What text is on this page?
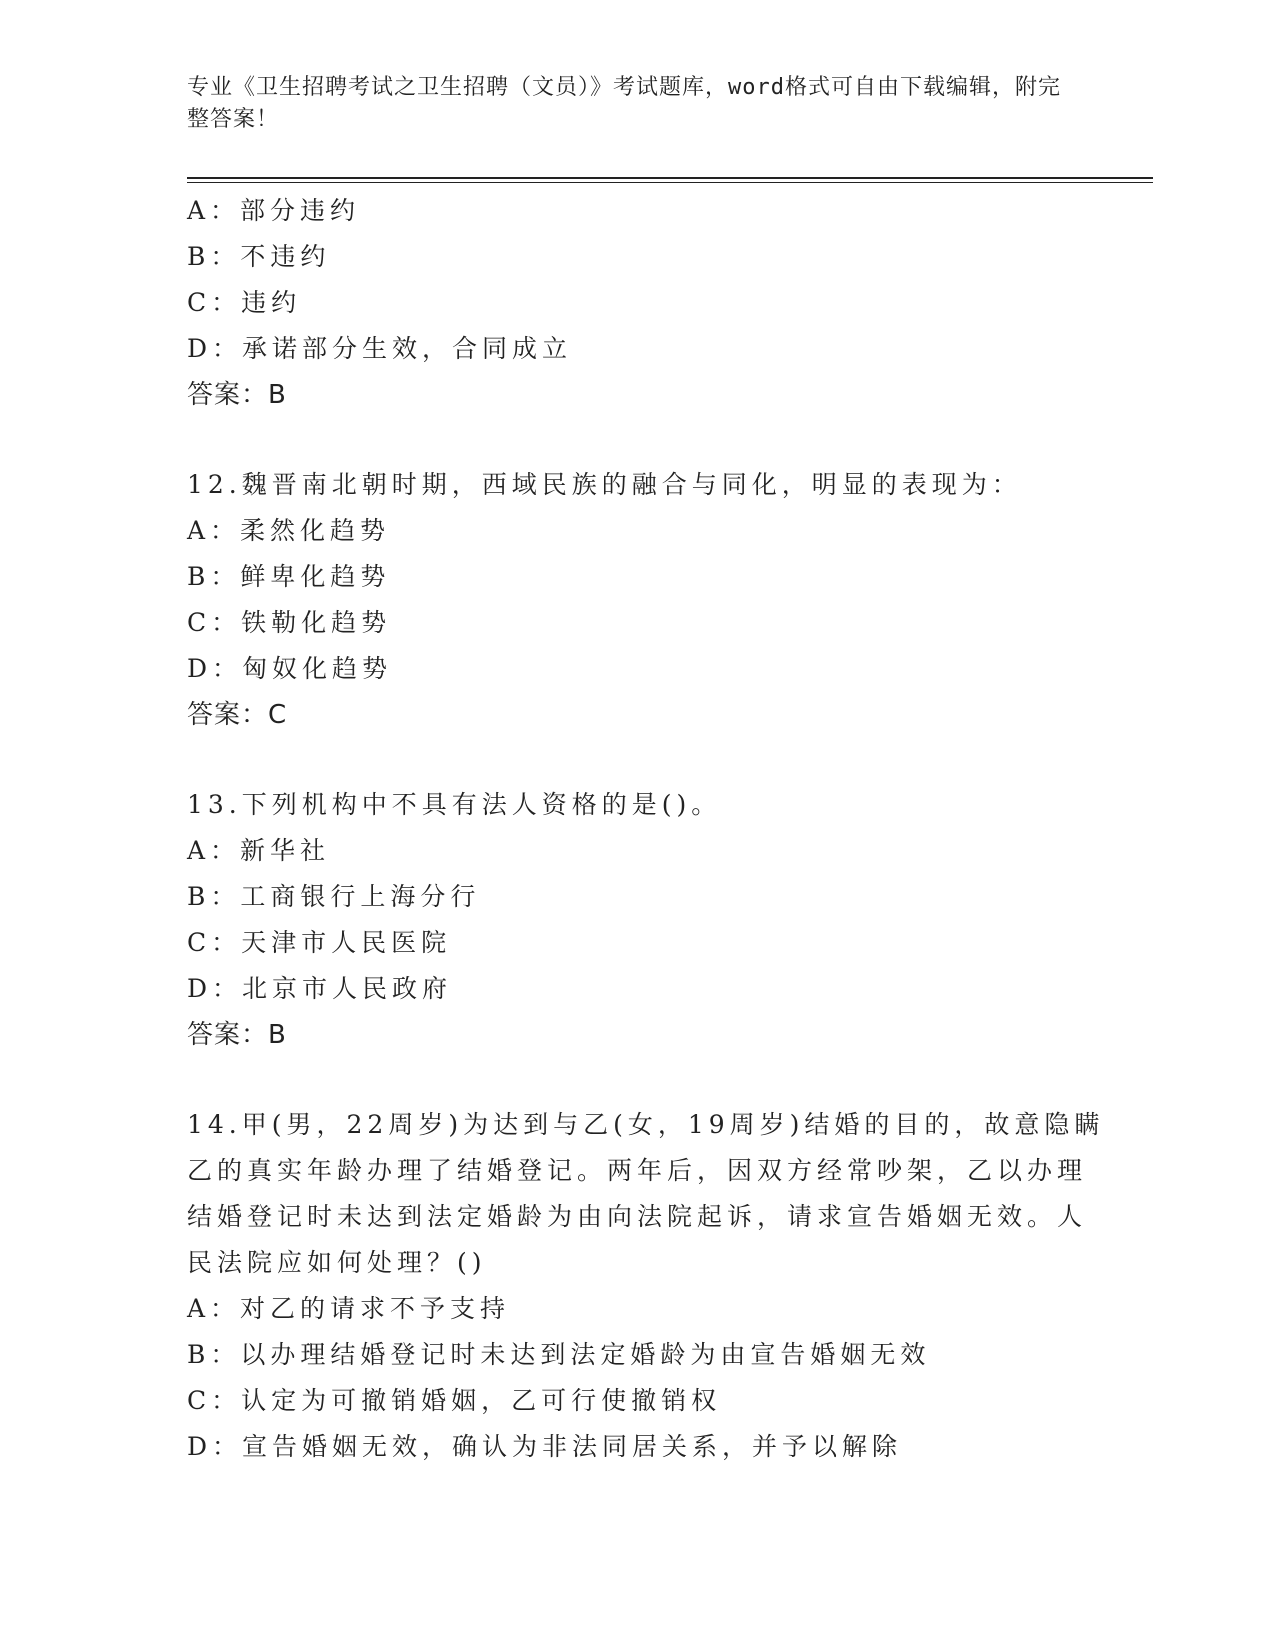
专业《卫生招聘考试之卫生招聘（文员）》考试题库，word格式可自由下载编辑，附完整答案！
A：部分违约
B：不违约
C：违约
D：承诺部分生效，合同成立
答案：B
12.魏晋南北朝时期，西域民族的融合与同化，明显的表现为：
A：柔然化趋势
B：鲜卑化趋势
C：铁勒化趋势
D：匈奴化趋势
答案：C
13.下列机构中不具有法人资格的是()。
A：新华社
B：工商银行上海分行
C：天津市人民医院
D：北京市人民政府
答案：B
14.甲(男，22周岁)为达到与乙(女，19周岁)结婚的目的，故意隐瞒
乙的真实年龄办理了结婚登记。两年后，因双方经常吵架，乙以办理
结婚登记时未达到法定婚龄为由向法院起诉，请求宣告婚姻无效。人
民法院应如何处理？()
A：对乙的请求不予支持
B：以办理结婚登记时未达到法定婚龄为由宣告婚姻无效
C：认定为可撤销婚姻，乙可行使撤销权
D：宣告婚姻无效，确认为非法同居关系，并予以解除
